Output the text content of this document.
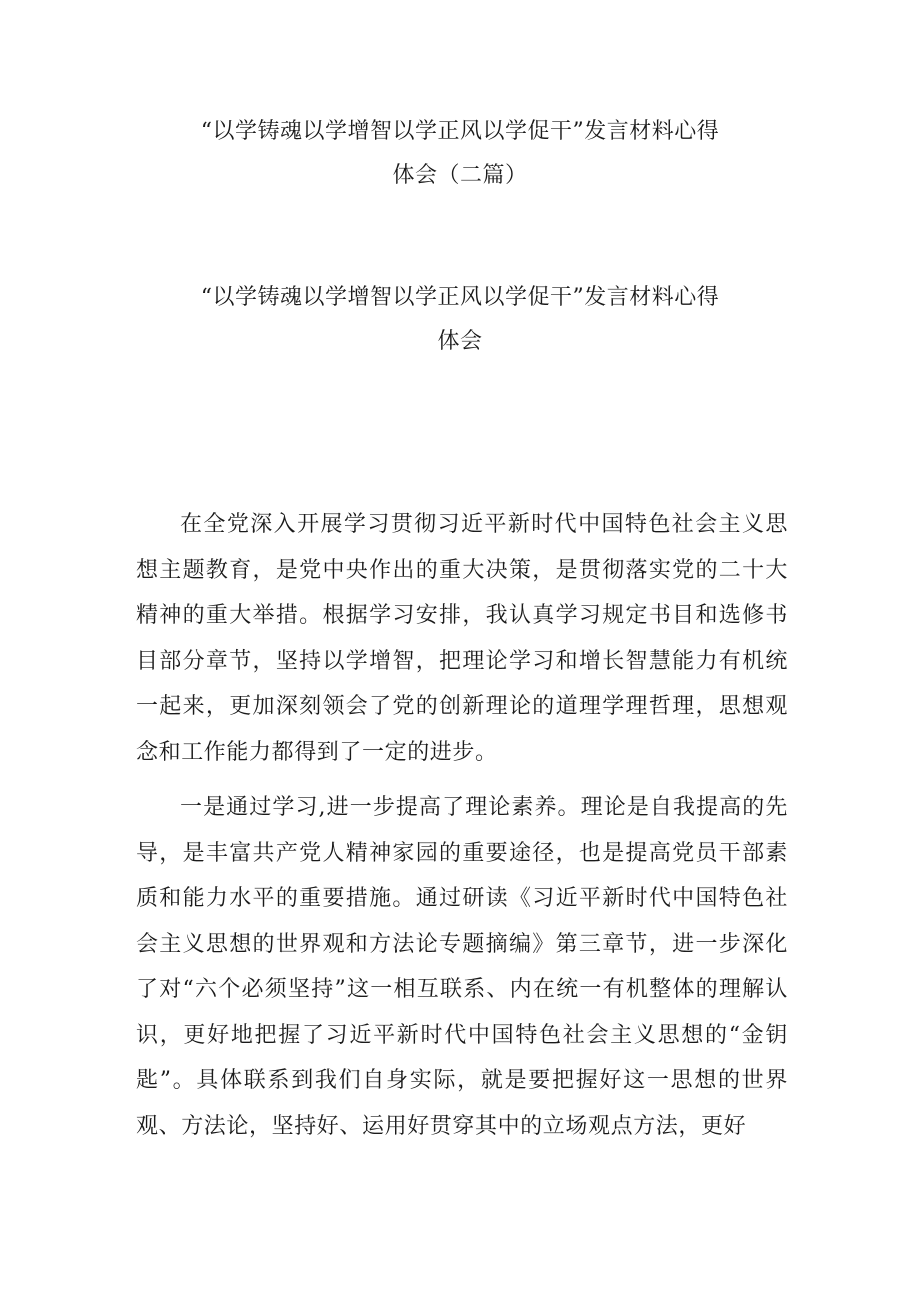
“以学铸魂以学增智以学正风以学促干”发言材料心得
体会（二篇）
“以学铸魂以学增智以学正风以学促干”发言材料心得
体会

在全党深入开展学习贯彻习近平新时代中国特色社会主义思想主题教育，是党中央作出的重大决策，是贯彻落实党的二十大精神的重大举措。根据学习安排，我认真学习规定书目和选修书目部分章节，坚持以学增智，把理论学习和增长智慧能力有机统一起来，更加深刻领会了党的创新理论的道理学理哲理，思想观念和工作能力都得到了一定的进步。

一是通过学习,进一步提高了理论素养。理论是自我提高的先导，是丰富共产党人精神家园的重要途径，也是提高党员干部素质和能力水平的重要措施。通过研读《习近平新时代中国特色社会主义思想的世界观和方法论专题摘编》第三章节，进一步深化了对“六个必须坚持”这一相互联系、内在统一有机整体的理解认识，更好地把握了习近平新时代中国特色社会主义思想的“金钥匙”。具体联系到我们自身实际，就是要把握好这一思想的世界观、方法论，坚持好、运用好贯穿其中的立场观点方法，更好
